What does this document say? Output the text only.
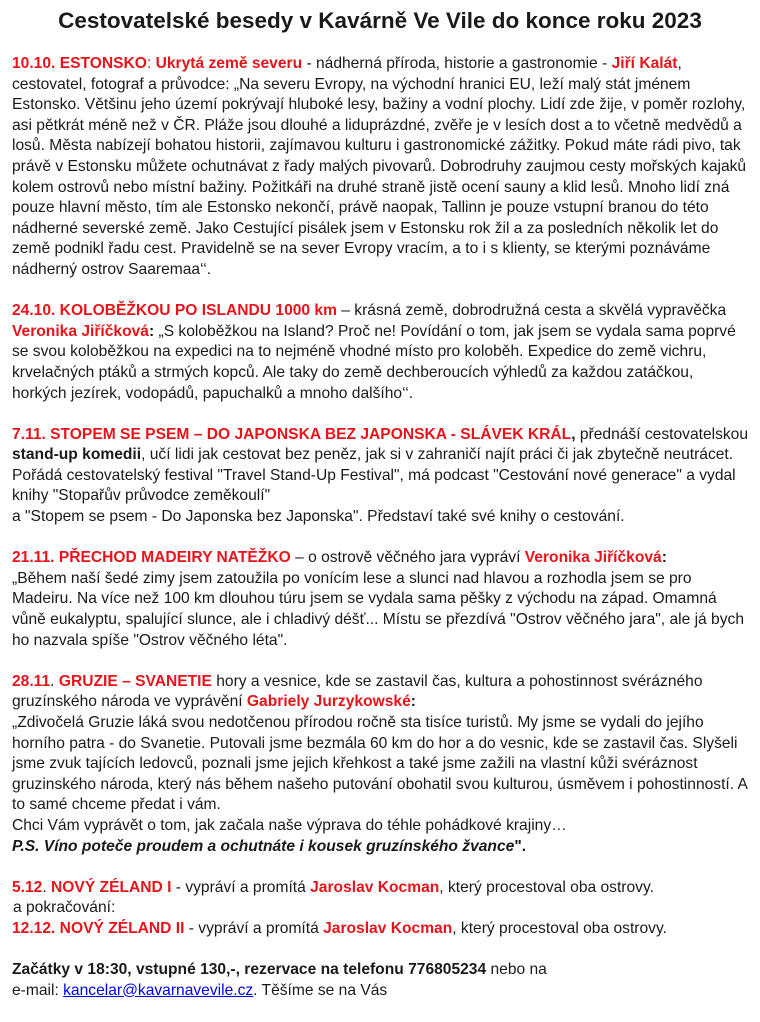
Cestovatelské besedy v Kavárně Ve Vile do konce roku 2023

10.10. ESTONSKO: Ukrytá země severu - nádherná příroda, historie a gastronomie - Jiří Kalát, cestovatel, fotograf a průvodce: „Na severu Evropy, na východní hranici EU, leží malý stát jménem Estonsko. Většinu jeho území pokrývají hluboké lesy, bažiny a vodní plochy. Lidí zde žije, v poměr rozlohy, asi pětkrát méně než v ČR. Pláže jsou dlouhé a liduprázdné, zvěře je v lesích dost a to včetně medvědů a losů. Města nabízejí bohatou historii, zajímavou kulturu i gastronomické zážitky. Pokud máte rádi pivo, tak právě v Estonsku můžete ochutnávat z řady malých pivovarů. Dobrodruhy zaujmou cesty mořských kajaků kolem ostrovů nebo místní bažiny. Požitkáři na druhé straně jistě ocení sauny a klid lesů. Mnoho lidí zná pouze hlavní město, tím ale Estonsko nekončí, právě naopak, Tallinn je pouze vstupní branou do této nádherné severské země. Jako Cestující pisálek jsem v Estonsku rok žil a za posledních několik let do země podnikl řadu cest. Pravidelně se na sever Evropy vracím, a to i s klienty, se kterými poznáváme nádherný ostrov Saaremaa‘‘.

24.10. KOLOBĚŽKOU PO ISLANDU 1000 km – krásná země, dobrodružná cesta a skvělá vypravěčka Veronika Jiříčková: „S koloběžkou na Island? Proč ne! Povídání o tom, jak jsem se vydala sama poprvé se svou koloběžkou na expedici na to nejméně vhodné místo pro koloběh. Expedice do země vichru, krvelačných ptáků a strmých kopců. Ale taky do země dechberoucích výhledů za každou zatáčkou, horkých jezírek, vodopádů, papuchalků a mnoho dalšího‘‘.

7.11. STOPEM SE PSEM – DO JAPONSKA BEZ JAPONSKA - SLÁVEK KRÁL, přednáší cestovatelskou stand-up komedii, učí lidi jak cestovat bez peněz, jak si v zahraničí najít práci či jak zbytečně neutrácet. Pořádá cestovatelský festival "Travel Stand-Up Festival", má podcast "Cestování nové generace" a vydal knihy "Stopařův průvodce zeměkoulí"

a "Stopem se psem - Do Japonska bez Japonska". Představí také své knihy o cestování.

21.11. PŘECHOD MADEIRY NATĚŽKO – o ostrově věčného jara vypráví Veronika Jiříčková:

„Během naší šedé zimy jsem zatoužila po vonícím lese a slunci nad hlavou a rozhodla jsem se pro Madeiru. Na více než 100 km dlouhou túru jsem se vydala sama pěšky z východu na západ. Omamná vůně eukalyptu, spalující slunce, ale i chladivý déšť... Místu se přezdívá "Ostrov věčného jara", ale já bych ho nazvala spíše "Ostrov věčného léta".

28.11. GRUZIE – SVANETIE hory a vesnice, kde se zastavil čas, kultura a pohostinnost svérázného gruzínského národa ve vyprávění Gabriely Jurzykowské:

„Zdivočelá Gruzie láká svou nedotčenou přírodou ročně sta tisíce turistů. My jsme se vydali do jejího horního patra - do Svanetie. Putovali jsme bezmála 60 km do hor a do vesnic, kde se zastavil čas. Slyšeli jsme zvuk tajících ledovců, poznali jsme jejich křehkost a také jsme zažili na vlastní kůži svéráznost gruzinského národa, který nás během našeho putování obohatil svou kulturou, úsměvem i pohostinností. A to samé chceme předat i vám.

Chci Vám vyprávět o tom, jak začala naše výprava do téhle pohádkové krajiny…

P.S. Víno poteče proudem a ochutnáte i kousek gruzínského žvance".

5.12. NOVÝ ZÉLAND I - vypráví a promítá Jaroslav Kocman, který procestoval oba ostrovy.

a pokračování:

12.12. NOVÝ ZÉLAND II - vypráví a promítá Jaroslav Kocman, který procestoval oba ostrovy.

Začátky v 18:30, vstupné 130,-, rezervace na telefonu 776805234 nebo na

e-mail: kancelar@kavarnavevile.cz. Těšíme se na Vás
